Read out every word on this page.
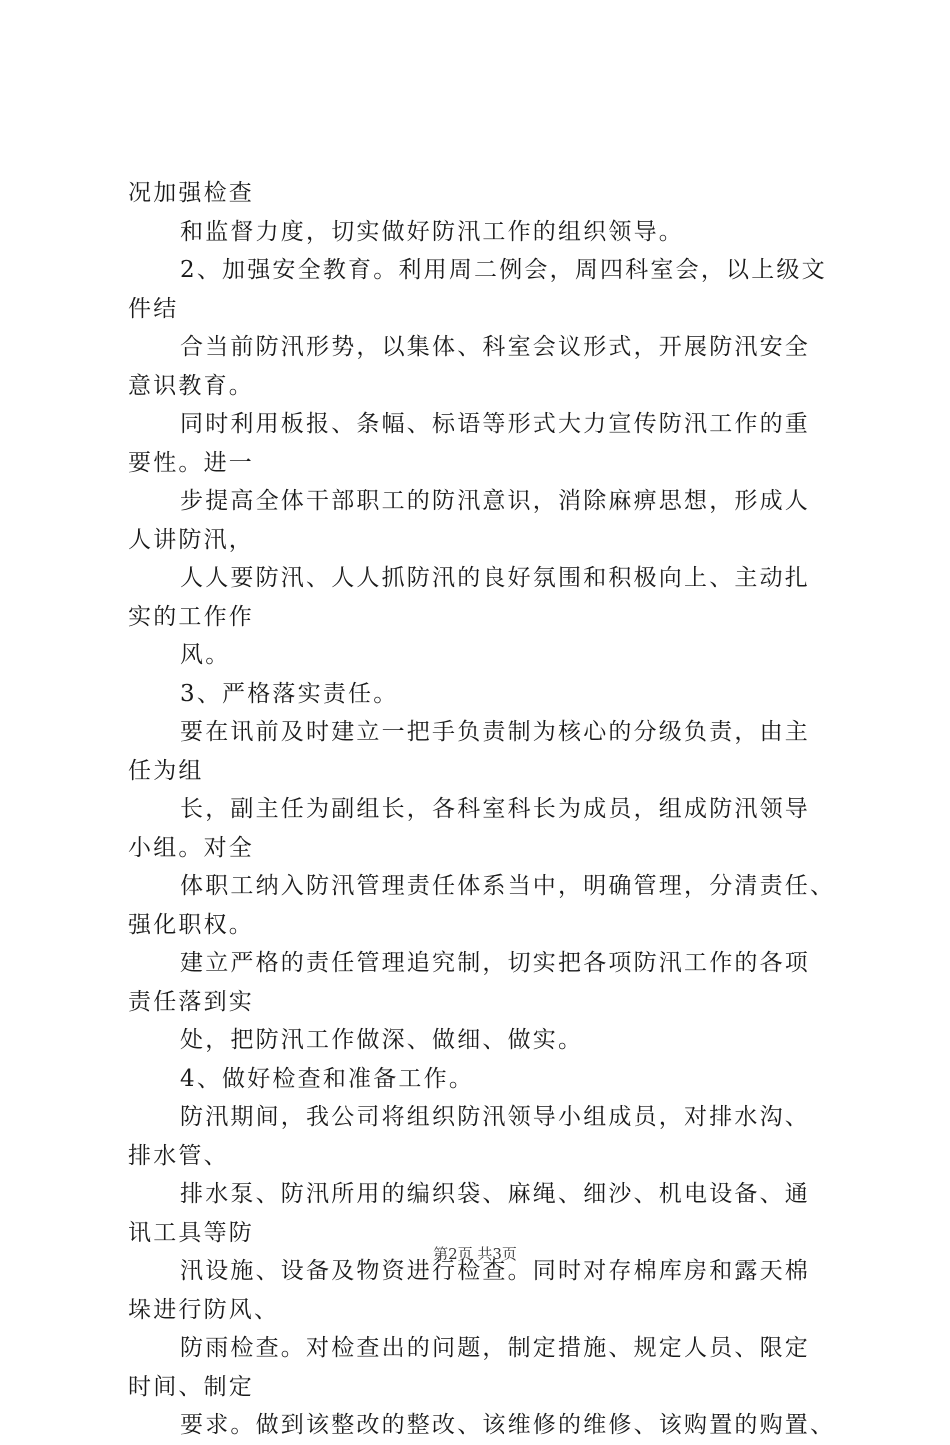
况加强检查
和监督力度，切实做好防汛工作的组织领导。
2、加强安全教育。利用周二例会，周四科室会，以上级文
件结
合当前防汛形势，以集体、科室会议形式，开展防汛安全
意识教育。
同时利用板报、条幅、标语等形式大力宣传防汛工作的重
要性。进一
步提高全体干部职工的防汛意识，消除麻痹思想，形成人
人讲防汛，
人人要防汛、人人抓防汛的良好氛围和积极向上、主动扎
实的工作作
风。
3、严格落实责任。
要在讯前及时建立一把手负责制为核心的分级负责，由主
任为组
长，副主任为副组长，各科室科长为成员，组成防汛领导
小组。对全
体职工纳入防汛管理责任体系当中，明确管理，分清责任、
强化职权。
建立严格的责任管理追究制，切实把各项防汛工作的各项
责任落到实
处，把防汛工作做深、做细、做实。
4、做好检查和准备工作。
防汛期间，我公司将组织防汛领导小组成员，对排水沟、
排水管、
排水泵、防汛所用的编织袋、麻绳、细沙、机电设备、通
讯工具等防
汛设施、设备及物资进行检查。同时对存棉库房和露天棉
垛进行防风、
防雨检查。对检查出的问题，制定措施、规定人员、限定
时间、制定
要求。做到该整改的整改、该维修的维修、该购置的购置、
第2页 共3页
